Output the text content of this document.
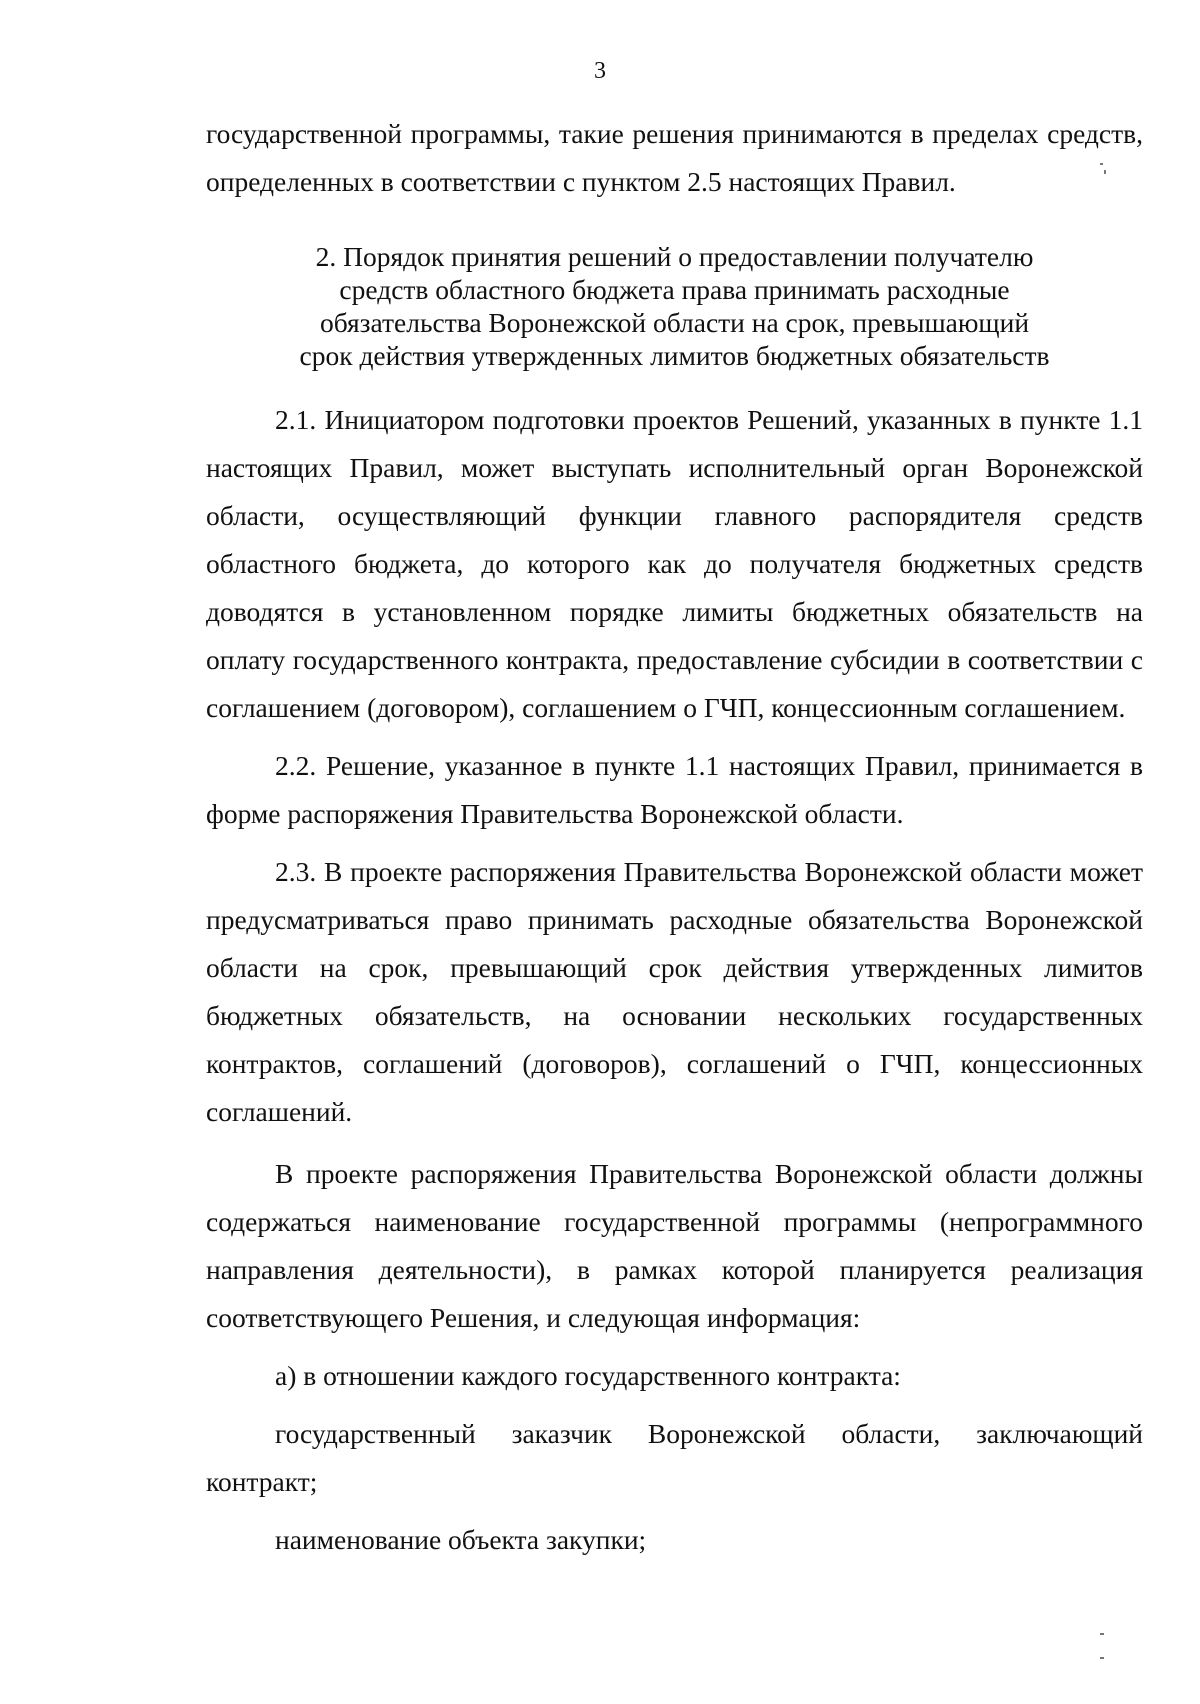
3

государственной программы, такие решения принимаются в пределах средств, определенных в соответствии с пунктом 2.5 настоящих Правил.

2. Порядок принятия решений о предоставлении получателю
средств областного бюджета права принимать расходные
обязательства Воронежской области на срок, превышающий
срок действия утвержденных лимитов бюджетных обязательств

2.1. Инициатором подготовки проектов Решений, указанных в пункте 1.1 настоящих Правил, может выступать исполнительный орган Воронежской области, осуществляющий функции главного распорядителя средств областного бюджета, до которого как до получателя бюджетных средств доводятся в установленном порядке лимиты бюджетных обязательств на оплату государственного контракта, предоставление субсидии в соответствии с соглашением (договором), соглашением о ГЧП, концессионным соглашением.

2.2. Решение, указанное в пункте 1.1 настоящих Правил, принимается в форме распоряжения Правительства Воронежской области.

2.3. В проекте распоряжения Правительства Воронежской области может предусматриваться право принимать расходные обязательства Воронежской области на срок, превышающий срок действия утвержденных лимитов бюджетных обязательств, на основании нескольких государственных контрактов, соглашений (договоров), соглашений о ГЧП, концессионных соглашений.

В проекте распоряжения Правительства Воронежской области должны содержаться наименование государственной программы (непрограммного направления деятельности), в рамках которой планируется реализация соответствующего Решения, и следующая информация:

а) в отношении каждого государственного контракта:

государственный заказчик Воронежской области, заключающий контракт;

наименование объекта закупки;
